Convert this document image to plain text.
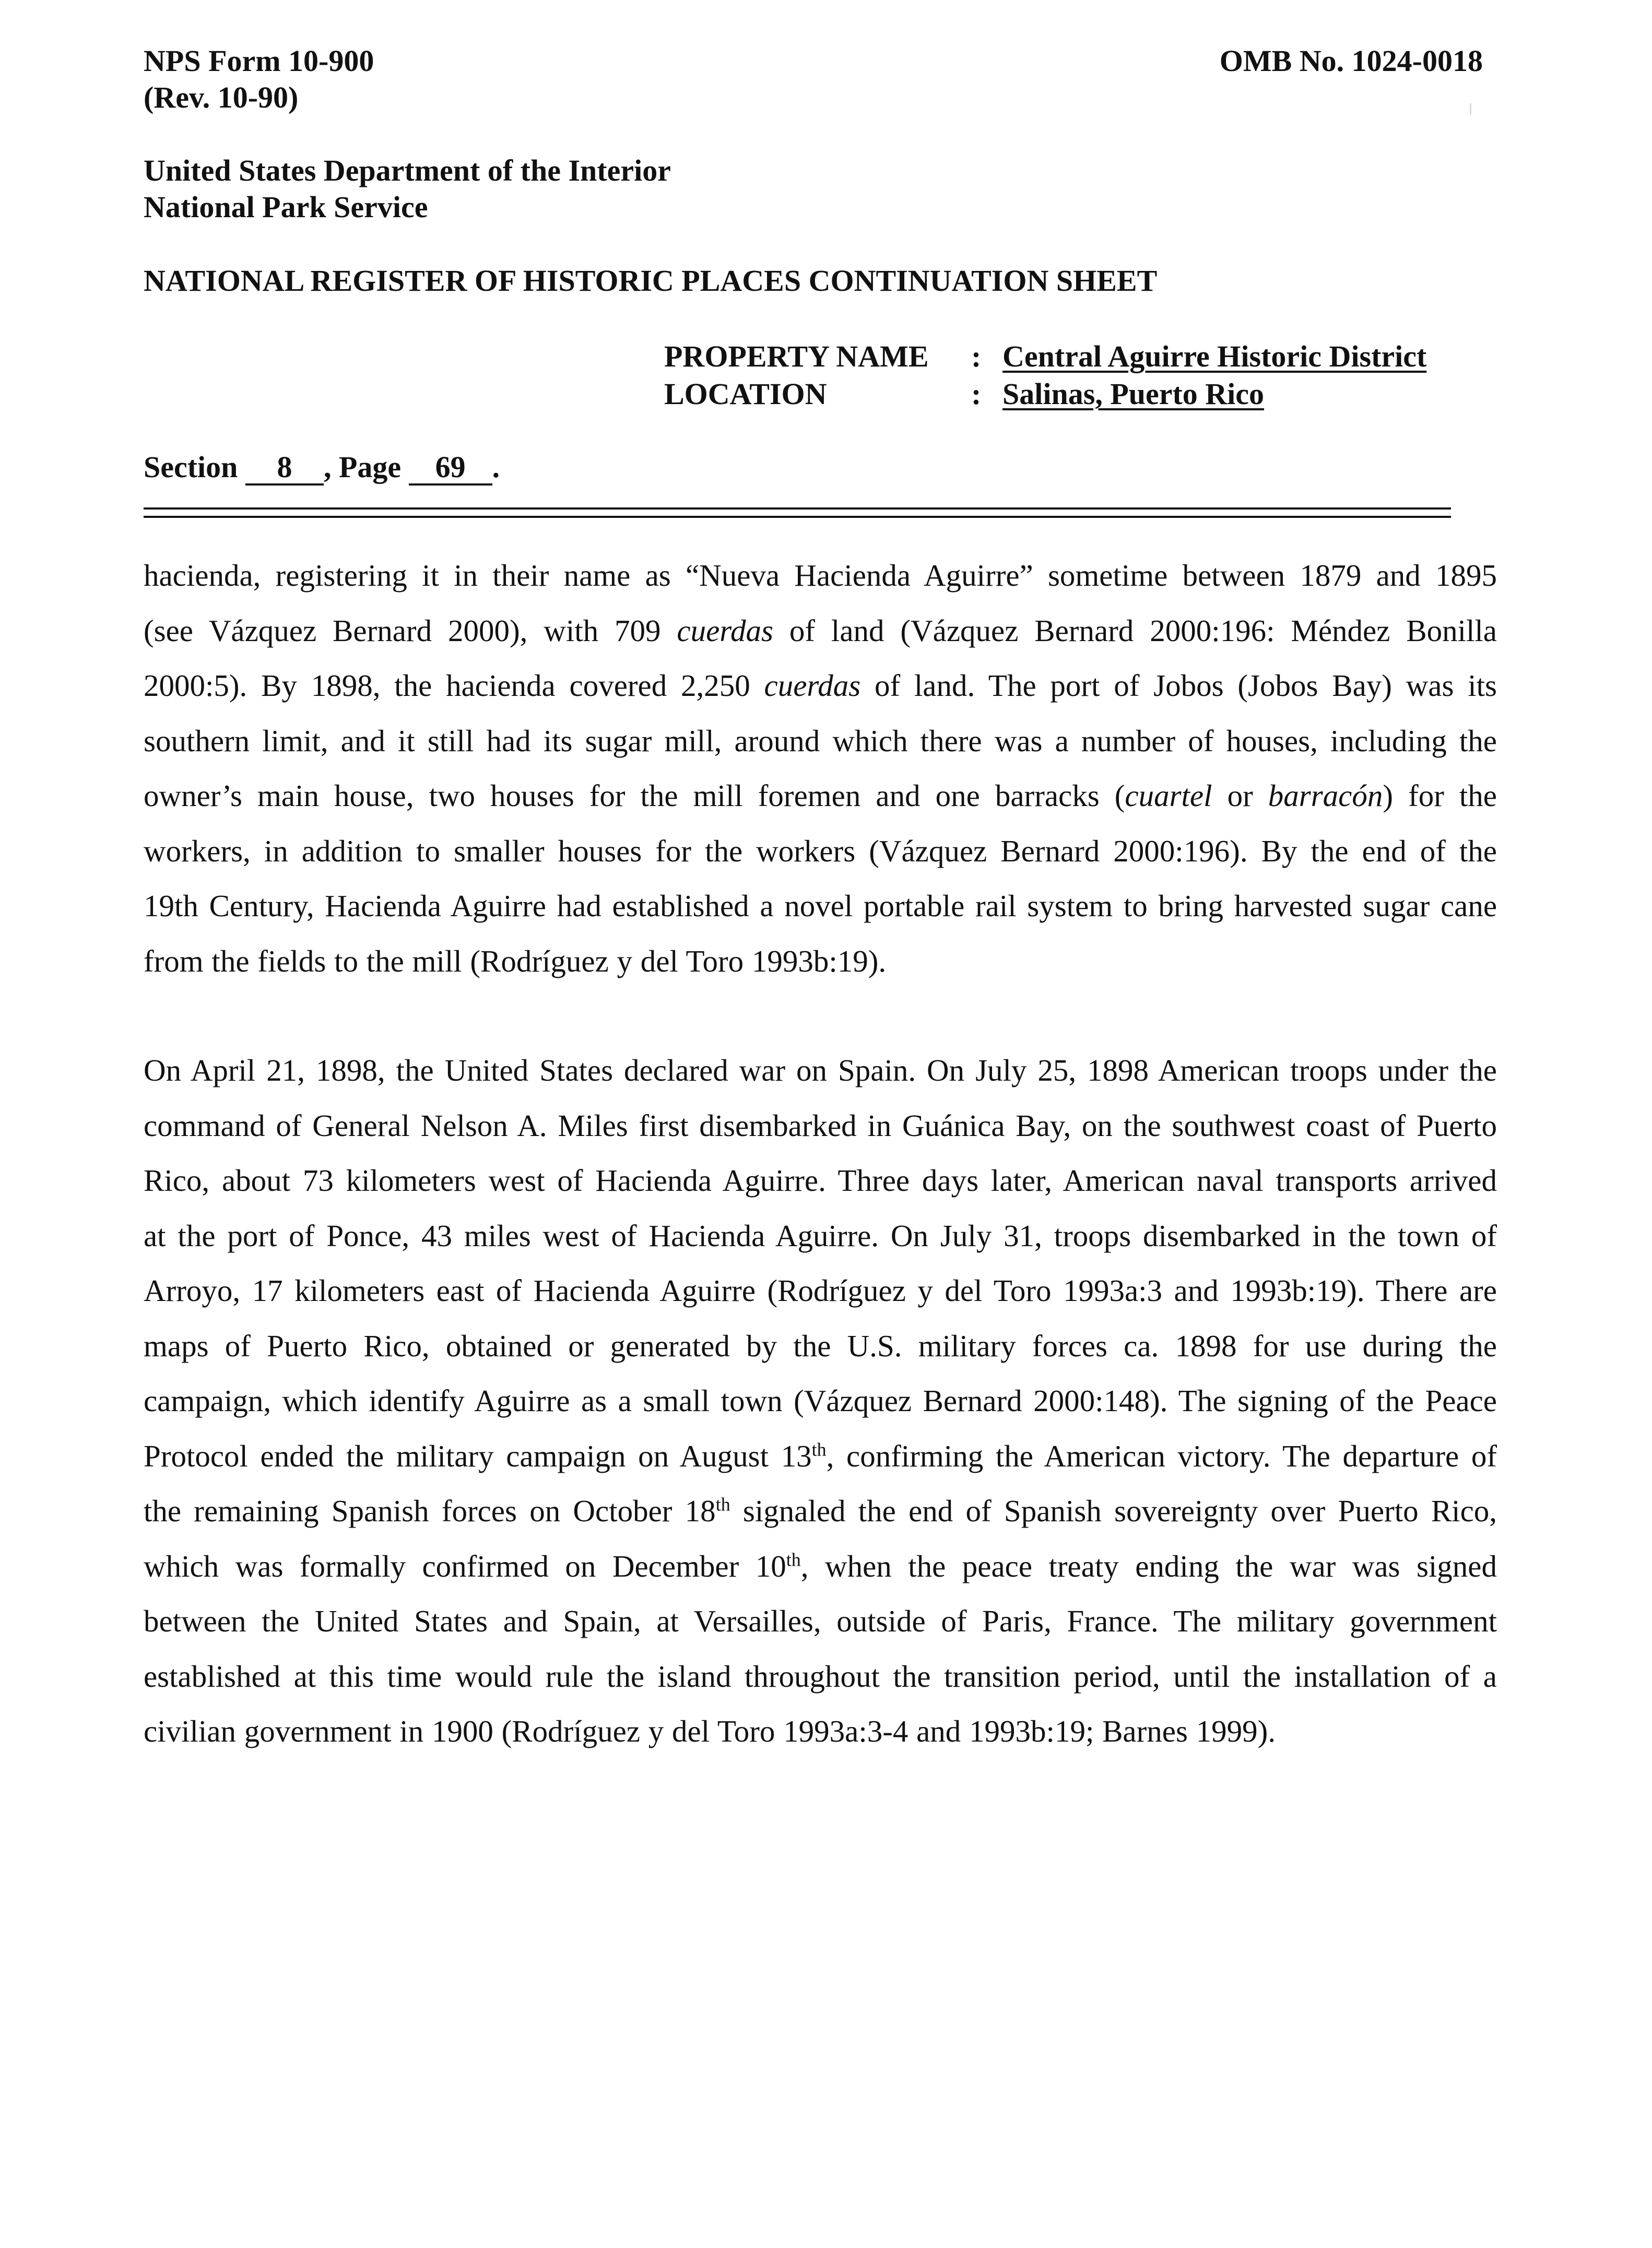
NPS Form 10-900
(Rev. 10-90)
OMB No. 1024-0018
United States Department of the Interior
National Park Service
NATIONAL REGISTER OF HISTORIC PLACES CONTINUATION SHEET
PROPERTY NAME : Central Aguirre Historic District
LOCATION	: Salinas, Puerto Rico
Section 8 , Page 69 .
hacienda, registering it in their name as “Nueva Hacienda Aguirre” sometime between 1879 and 1895
(see Vázquez Bernard 2000), with 709 cuerdas of land (Vázquez Bernard 2000:196: Méndez Bonilla
2000:5). By 1898, the hacienda covered 2,250 cuerdas of land. The port of Jobos (Jobos Bay) was its
southern limit, and it still had its sugar mill, around which there was a number of houses, including the
owner’s main house, two houses for the mill foremen and one barracks (cuartel or barracón) for the
workers, in addition to smaller houses for the workers (Vázquez Bernard 2000:196). By the end of the
19th Century, Hacienda Aguirre had established a novel portable rail system to bring harvested sugar cane
from the fields to the mill (Rodríguez y del Toro 1993b:19).
On April 21, 1898, the United States declared war on Spain. On July 25, 1898 American troops under the
command of General Nelson A. Miles first disembarked in Guánica Bay, on the southwest coast of Puerto
Rico, about 73 kilometers west of Hacienda Aguirre. Three days later, American naval transports arrived
at the port of Ponce, 43 miles west of Hacienda Aguirre. On July 31, troops disembarked in the town of
Arroyo, 17 kilometers east of Hacienda Aguirre (Rodríguez y del Toro 1993a:3 and 1993b:19). There are
maps of Puerto Rico, obtained or generated by the U.S. military forces ca. 1898 for use during the
campaign, which identify Aguirre as a small town (Vázquez Bernard 2000:148). The signing of the Peace
Protocol ended the military campaign on August 13th, confirming the American victory. The departure of
the remaining Spanish forces on October 18th signaled the end of Spanish sovereignty over Puerto Rico,
which was formally confirmed on December 10th, when the peace treaty ending the war was signed
between the United States and Spain, at Versailles, outside of Paris, France. The military government
established at this time would rule the island throughout the transition period, until the installation of a
civilian government in 1900 (Rodríguez y del Toro 1993a:3-4 and 1993b:19; Barnes 1999).
